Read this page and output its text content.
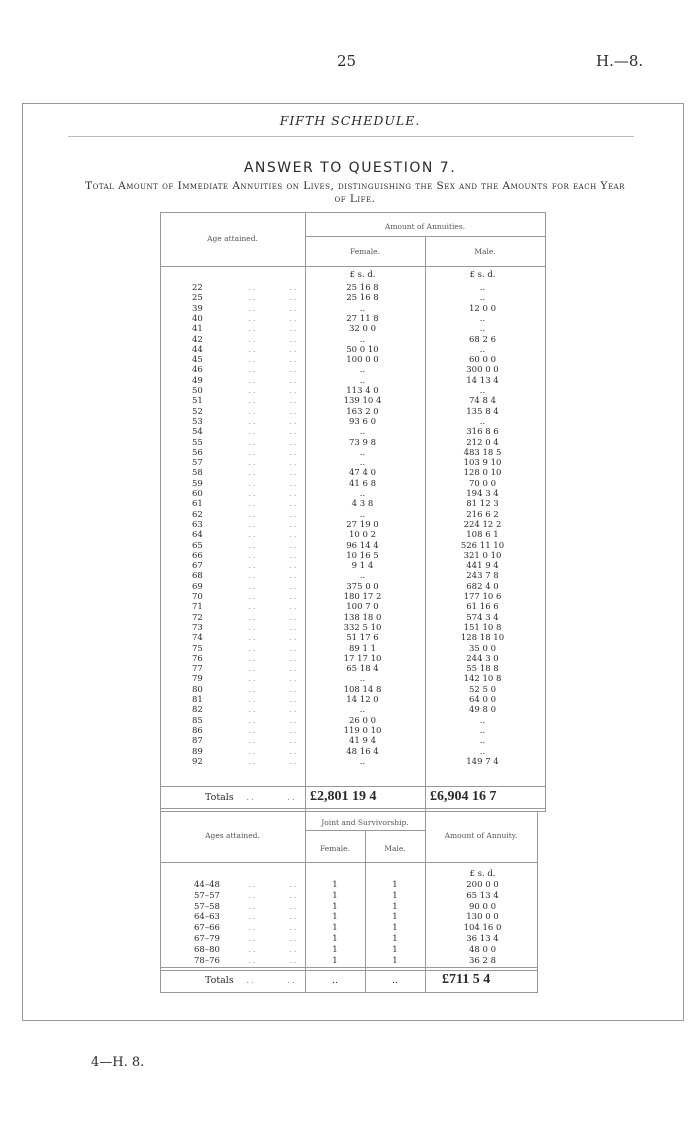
25	H.—8.
FIFTH SCHEDULE.
ANSWER TO QUESTION 7.
Total Amount of Immediate Annuities on Lives, distinguishing the Sex and the Amounts for each Year of Life.
Age attained.
Amount of Annuities.
Female.	Male.
£ s. d.	£ s. d.
22	25 16 8	..
..	..
25	25 16 8	..
..	..
39	..	12 0 0
..	..
40	27 11 8	..
..	..
41	32 0 0	..
..	..
42	..	68 2 6
..	..
44	50 0 10	..
..	..
45	100 0 0	60 0 0
..	..
46	..	300 0 0
..	..
49	..	14 13 4
..	..
50	113 4 0	..
..	..
51	139 10 4	74 8 4
..	..
52	163 2 0	135 8 4
..	..
53	93 6 0	..
..	..
54	..	316 8 6
..	..
55	73 9 8	212 0 4
..	..
56	..	483 18 5
..	..
57	..	103 9 10
..	..
58	47 4 0	128 0 10
..	..
59	41 6 8	70 0 0
..	..
60	..	194 3 4
..	..
61	4 3 8	81 12 3
..	..
62	..	216 6 2
..	..
63	27 19 0	224 12 2
..	..
64	10 0 2	108 6 1
..	..
65	96 14 4	526 11 10
..	..
66	10 16 5	321 0 10
..	..
67	9 1 4	441 9 4
..	..
68	..	243 7 8
..	..
69	375 0 0	682 4 0
..	..
70	180 17 2	177 10 6
..	..
71	100 7 0	61 16 6
..	..
72	138 18 0	574 3 4
..	..
73	332 5 10	151 10 8
..	..
74	51 17 6	128 18 10
..	..
75	89 1 1	35 0 0
..	..
76	17 17 10	244 3 0
..	..
77	65 18 4	55 18 8
..	..
79	..	142 10 8
..	..
80	108 14 8	52 5 0
..	..
81	14 12 0	64 0 0
..	..
82	..	49 8 0
..	..
85	26 0 0	..
..	..
86	119 0 10	..
..	..
87	41 9 4	..
..	..
89	48 16 4	..
..	..
92	..	149 7 4
..	..
Totals ..	.. £2,801 19 4	£6,904 16 7
Ages attained.
Joint and Survivorship.
Female.	Male.
Amount of Annuity.
£ s. d.
44–48	1	1	200 0 0
..	..
57–57	1	1	65 13 4
..	..
57–58	1	1	90 0 0
..	..
64–63	1	1	130 0 0
..	..
67–66	1	1	104 16 0
..	..
67–79	1	1	36 13 4
..	..
68–80	1	1	48 0 0
..	..
78–76	1	1	36 2 8
..	..
Totals ..	..	..	..	£711 5 4
4—H. 8.
